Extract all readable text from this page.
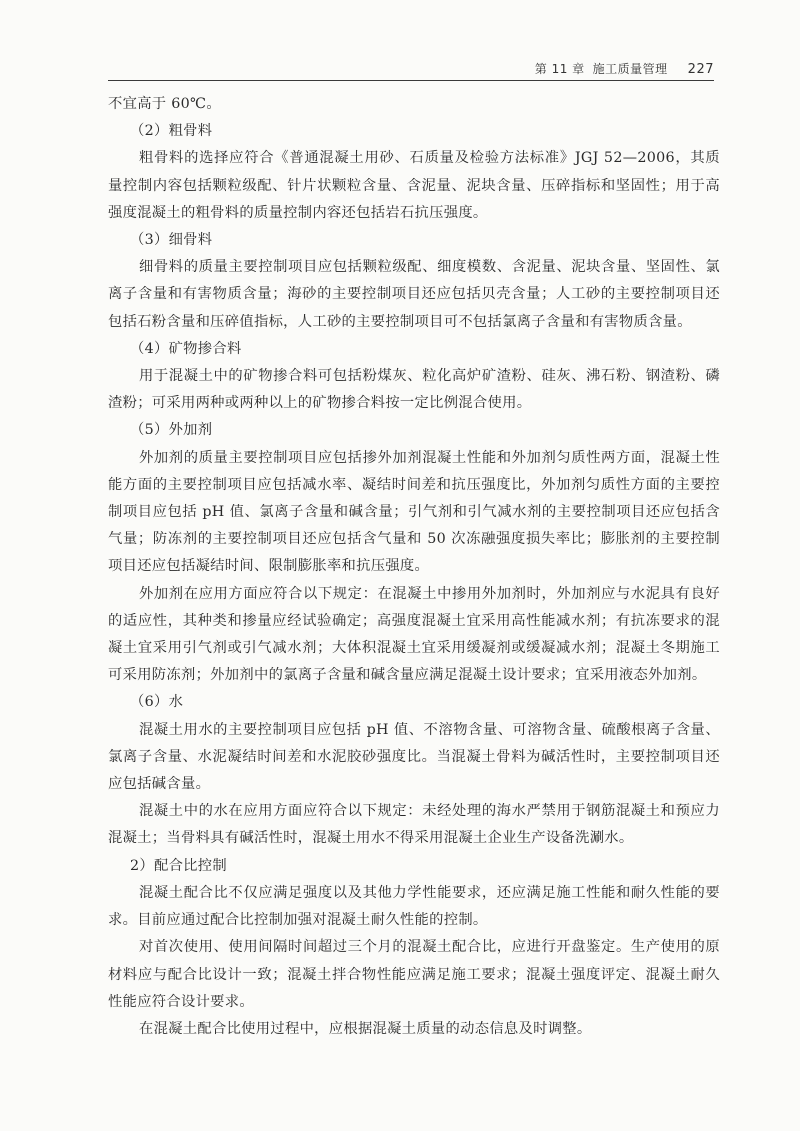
第 11 章 施工质量管理 227

不宜高于 60℃。

（2）粗骨料

粗骨料的选择应符合《普通混凝土用砂、石质量及检验方法标准》JGJ 52—2006，其质量控制内容包括颗粒级配、针片状颗粒含量、含泥量、泥块含量、压碎指标和坚固性；用于高强度混凝土的粗骨料的质量控制内容还包括岩石抗压强度。

（3）细骨料

细骨料的质量主要控制项目应包括颗粒级配、细度模数、含泥量、泥块含量、坚固性、氯离子含量和有害物质含量；海砂的主要控制项目还应包括贝壳含量；人工砂的主要控制项目还包括石粉含量和压碎值指标，人工砂的主要控制项目可不包括氯离子含量和有害物质含量。

（4）矿物掺合料

用于混凝土中的矿物掺合料可包括粉煤灰、粒化高炉矿渣粉、硅灰、沸石粉、钢渣粉、磷渣粉；可采用两种或两种以上的矿物掺合料按一定比例混合使用。

（5）外加剂

外加剂的质量主要控制项目应包括掺外加剂混凝土性能和外加剂匀质性两方面，混凝土性能方面的主要控制项目应包括减水率、凝结时间差和抗压强度比，外加剂匀质性方面的主要控制项目应包括 pH 值、氯离子含量和碱含量；引气剂和引气减水剂的主要控制项目还应包括含气量；防冻剂的主要控制项目还应包括含气量和 50 次冻融强度损失率比；膨胀剂的主要控制项目还应包括凝结时间、限制膨胀率和抗压强度。

外加剂在应用方面应符合以下规定：在混凝土中掺用外加剂时，外加剂应与水泥具有良好的适应性，其种类和掺量应经试验确定；高强度混凝土宜采用高性能减水剂；有抗冻要求的混凝土宜采用引气剂或引气减水剂；大体积混凝土宜采用缓凝剂或缓凝减水剂；混凝土冬期施工可采用防冻剂；外加剂中的氯离子含量和碱含量应满足混凝土设计要求；宜采用液态外加剂。

（6）水

混凝土用水的主要控制项目应包括 pH 值、不溶物含量、可溶物含量、硫酸根离子含量、氯离子含量、水泥凝结时间差和水泥胶砂强度比。当混凝土骨料为碱活性时，主要控制项目还应包括碱含量。

混凝土中的水在应用方面应符合以下规定：未经处理的海水严禁用于钢筋混凝土和预应力混凝土；当骨料具有碱活性时，混凝土用水不得采用混凝土企业生产设备洗涮水。

2）配合比控制

混凝土配合比不仅应满足强度以及其他力学性能要求，还应满足施工性能和耐久性能的要求。目前应通过配合比控制加强对混凝土耐久性能的控制。

对首次使用、使用间隔时间超过三个月的混凝土配合比，应进行开盘鉴定。生产使用的原材料应与配合比设计一致；混凝土拌合物性能应满足施工要求；混凝土强度评定、混凝土耐久性能应符合设计要求。

在混凝土配合比使用过程中，应根据混凝土质量的动态信息及时调整。
